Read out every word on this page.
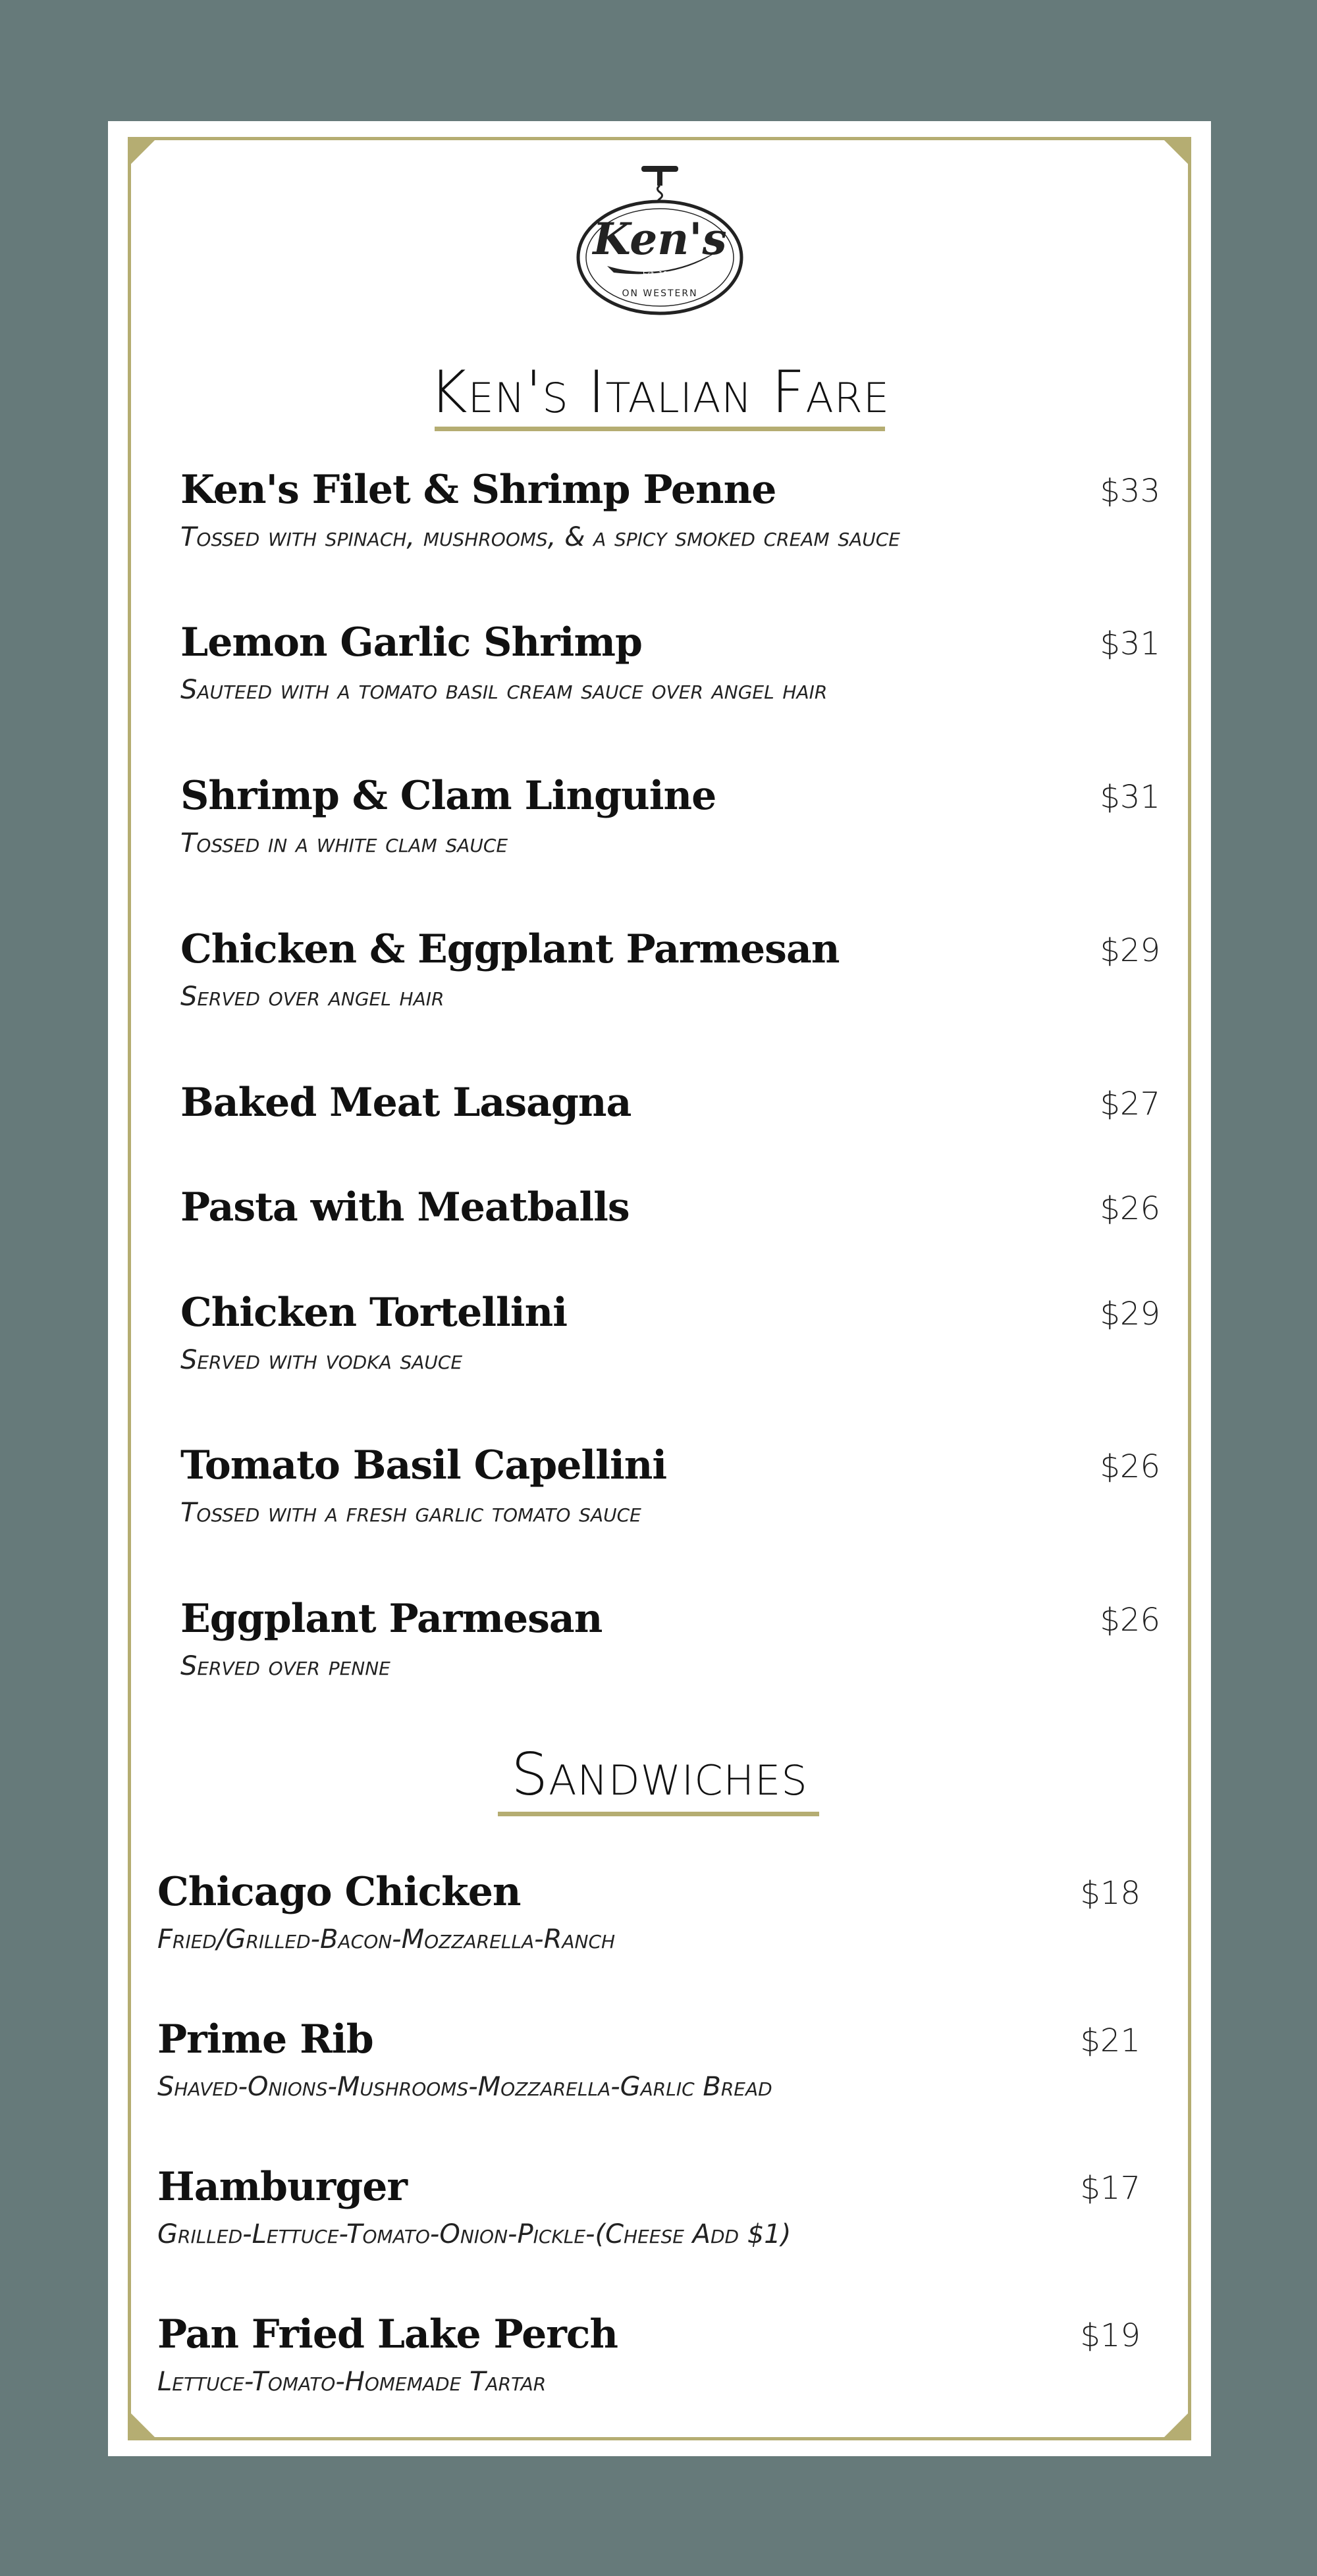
Ken's
Est. 1968
ON WESTERN
Ken's Italian Fare
Ken's Filet & Shrimp Penne
Tossed with spinach, mushrooms, & a spicy smoked cream sauce
$33
Lemon Garlic Shrimp
Sauteed with a tomato basil cream sauce over angel hair
$31
Shrimp & Clam Linguine
Tossed in a white clam sauce
$31
Chicken & Eggplant Parmesan
Served over angel hair
$29
Baked Meat Lasagna	$27
Pasta with Meatballs	$26
Chicken Tortellini
Served with vodka sauce
$29
Tomato Basil Capellini
Tossed with a fresh garlic tomato sauce
$26
Eggplant Parmesan
Served over penne
$26
Sandwiches
Chicago Chicken
Fried/Grilled-Bacon-Mozzarella-Ranch
$18
Prime Rib
Shaved-Onions-Mushrooms-Mozzarella-Garlic Bread
$21
Hamburger
Grilled-Lettuce-Tomato-Onion-Pickle-(Cheese Add $1)
$17
Pan Fried Lake Perch
Lettuce-Tomato-Homemade Tartar
$19
